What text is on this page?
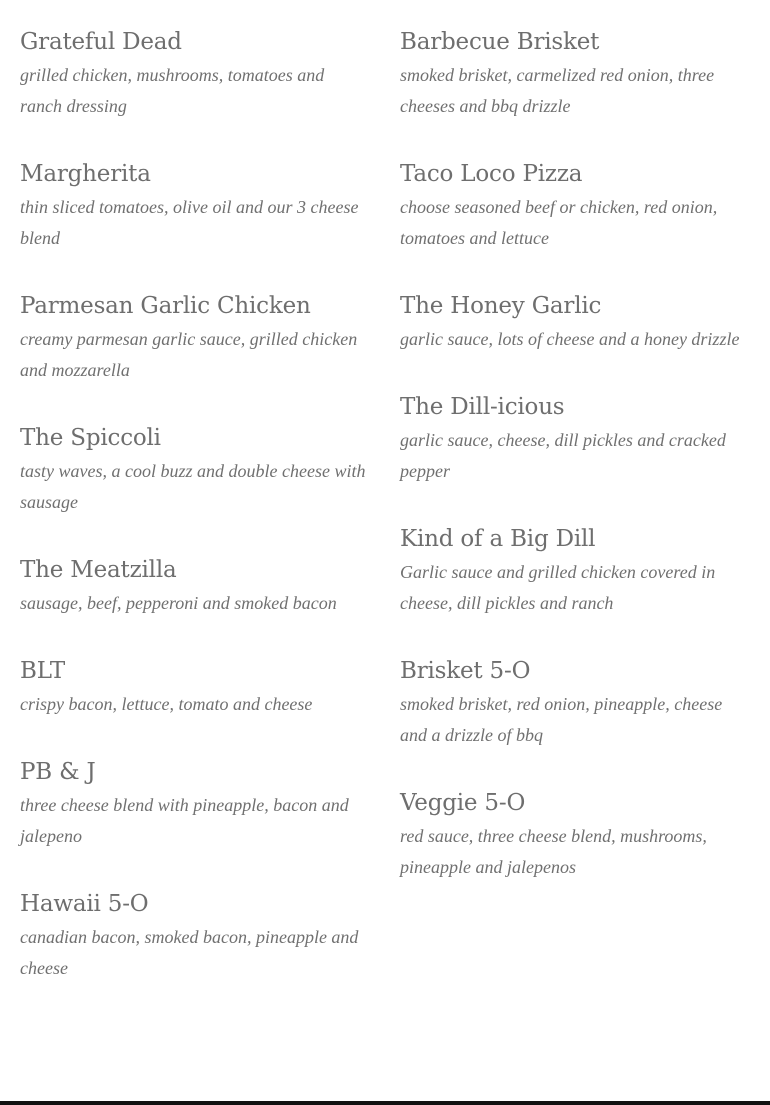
Grateful Dead
grilled chicken, mushrooms, tomatoes and ranch dressing
Margherita
thin sliced tomatoes, olive oil and our 3 cheese blend
Parmesan Garlic Chicken
creamy parmesan garlic sauce, grilled chicken and mozzarella
The Spiccoli
tasty waves, a cool buzz and double cheese with sausage
The Meatzilla
sausage, beef, pepperoni and smoked bacon
BLT
crispy bacon, lettuce, tomato and cheese
PB & J
three cheese blend with pineapple, bacon and jalepeno
Hawaii 5-O
canadian bacon, smoked bacon, pineapple and cheese
Barbecue Brisket
smoked brisket, carmelized red onion, three cheeses and bbq drizzle
Taco Loco Pizza
choose seasoned beef or chicken, red onion, tomatoes and lettuce
The Honey Garlic
garlic sauce, lots of cheese and a honey drizzle
The Dill-icious
garlic sauce, cheese, dill pickles and cracked pepper
Kind of a Big Dill
Garlic sauce and grilled chicken covered in cheese, dill pickles and ranch
Brisket 5-O
smoked brisket, red onion, pineapple, cheese and a drizzle of bbq
Veggie 5-O
red sauce, three cheese blend, mushrooms, pineapple and jalepenos
